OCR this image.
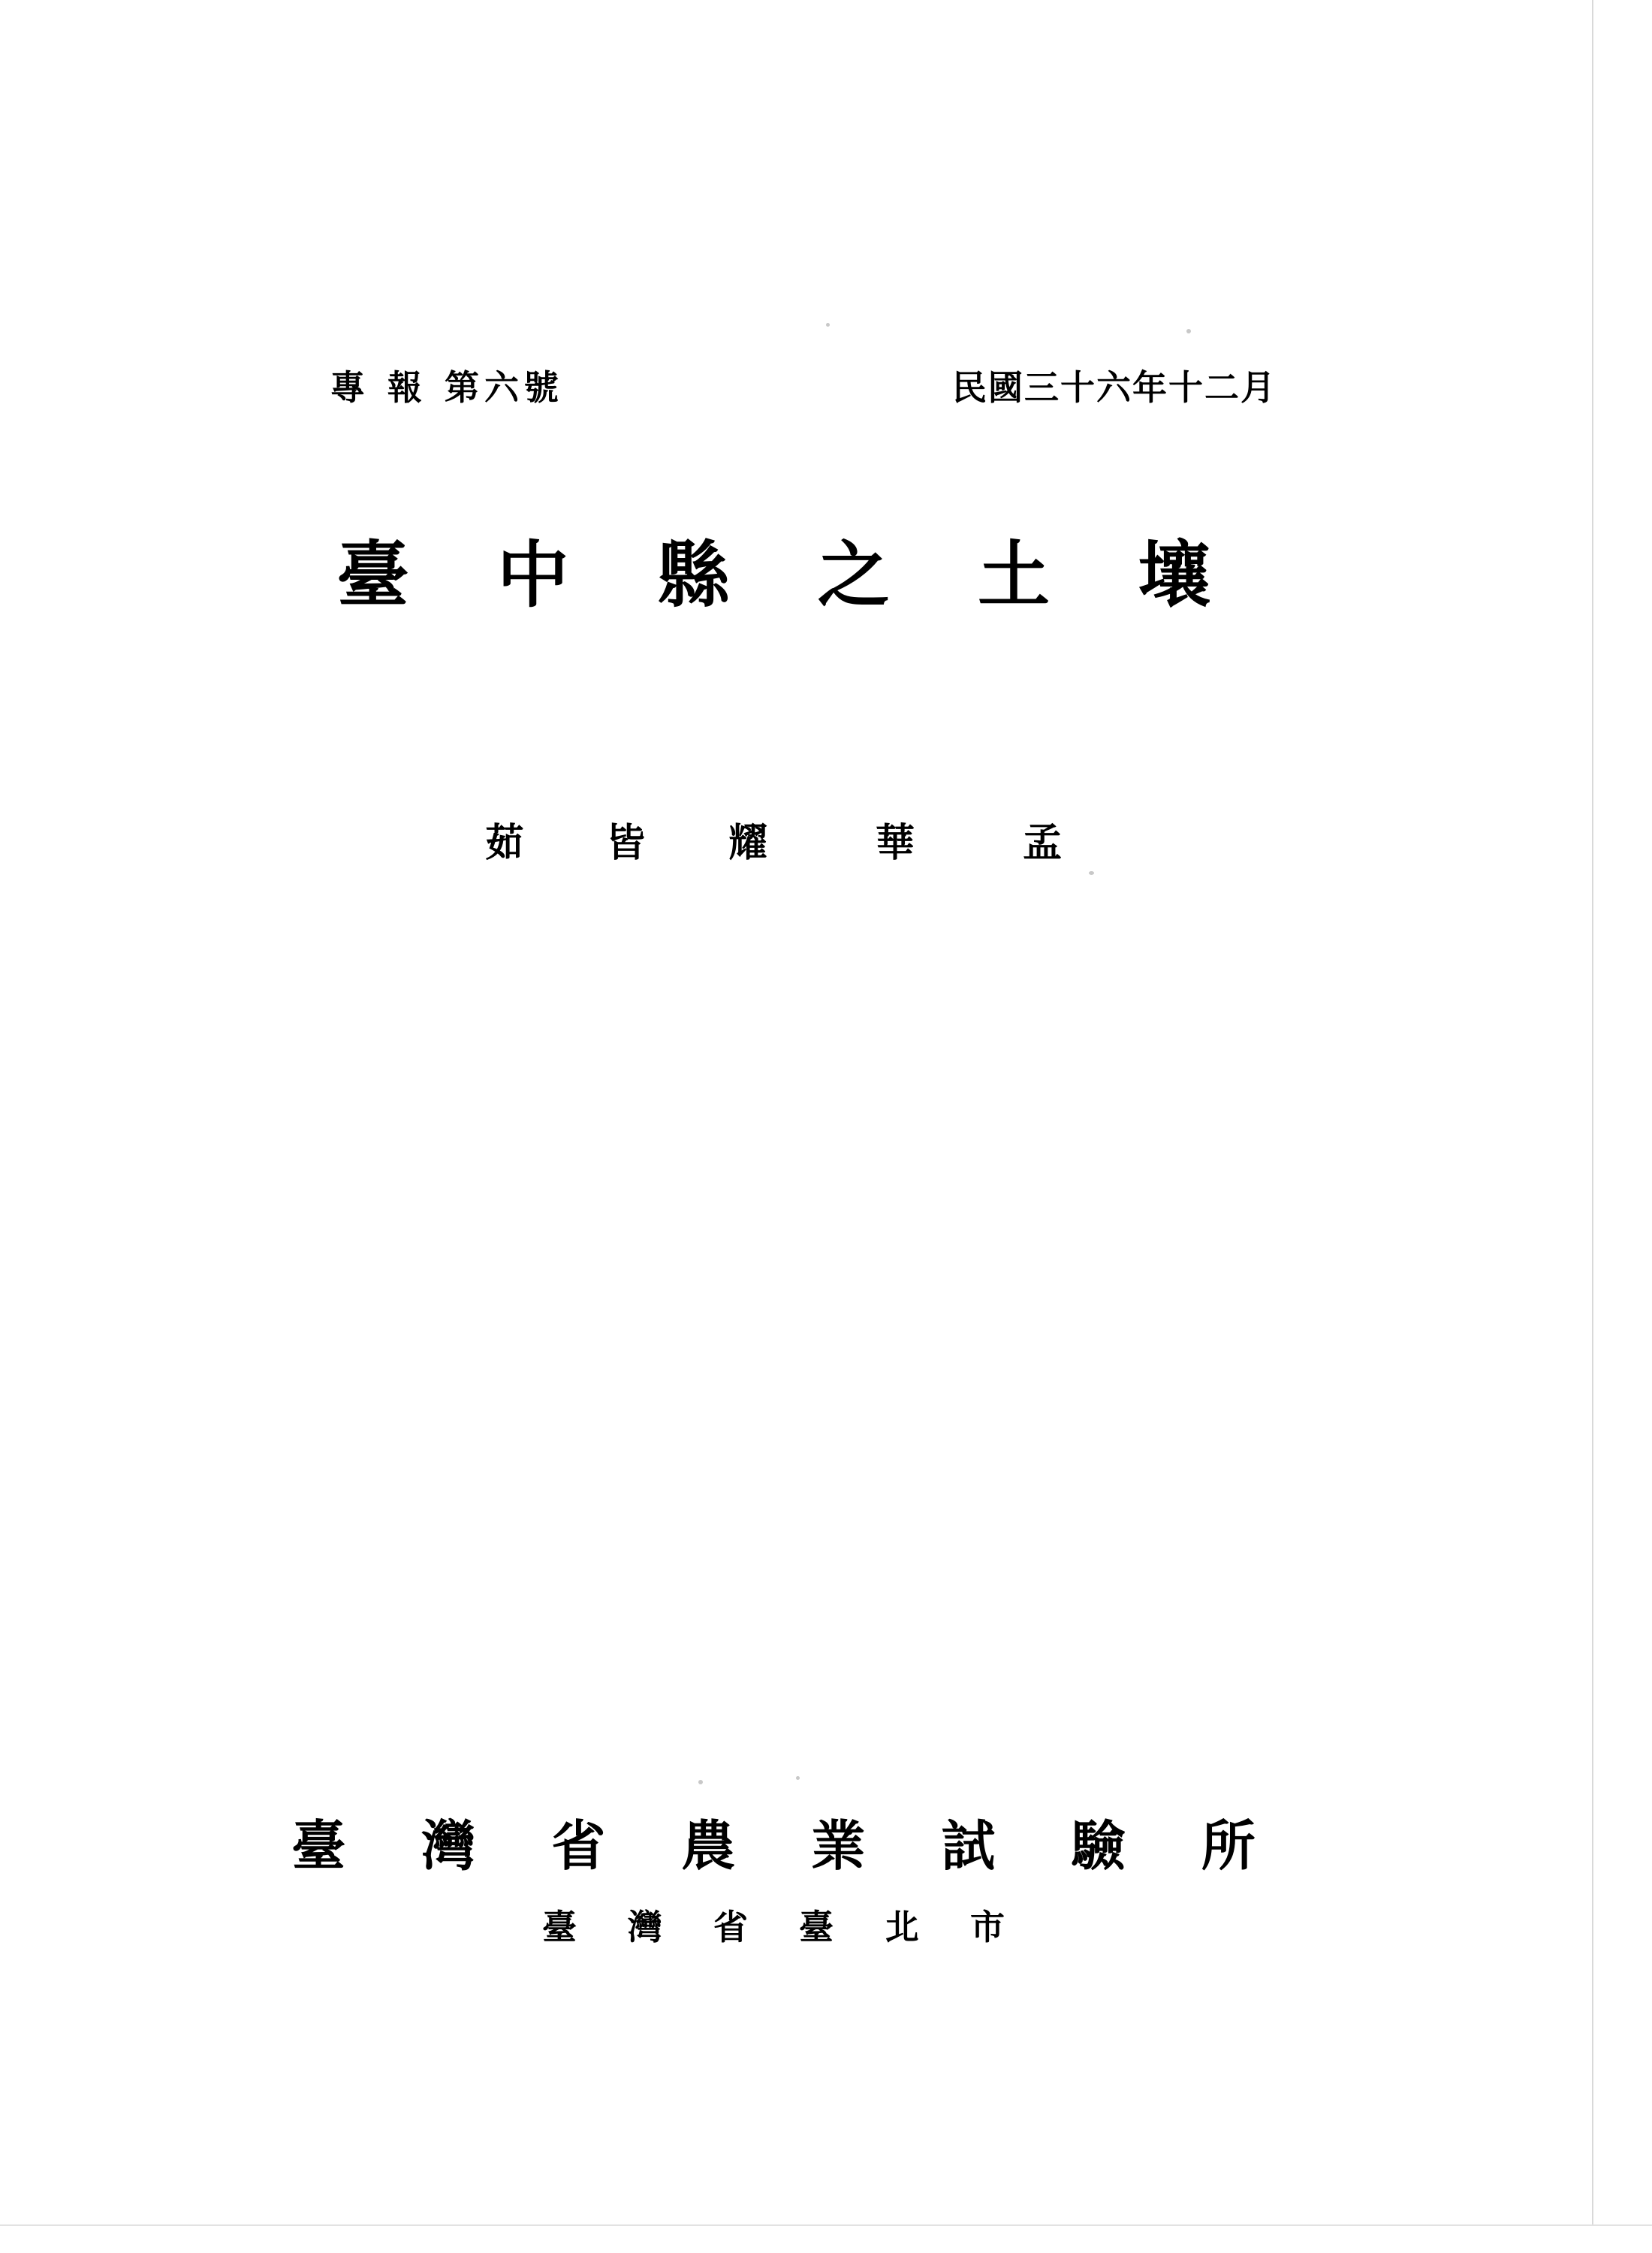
專 報 第六號	民國三十六年十二月
臺 中 縣 之 土 壤
茹 皆 耀　華　孟
臺 灣 省 農 業 試 驗 所
臺 灣 省 臺 北 市
